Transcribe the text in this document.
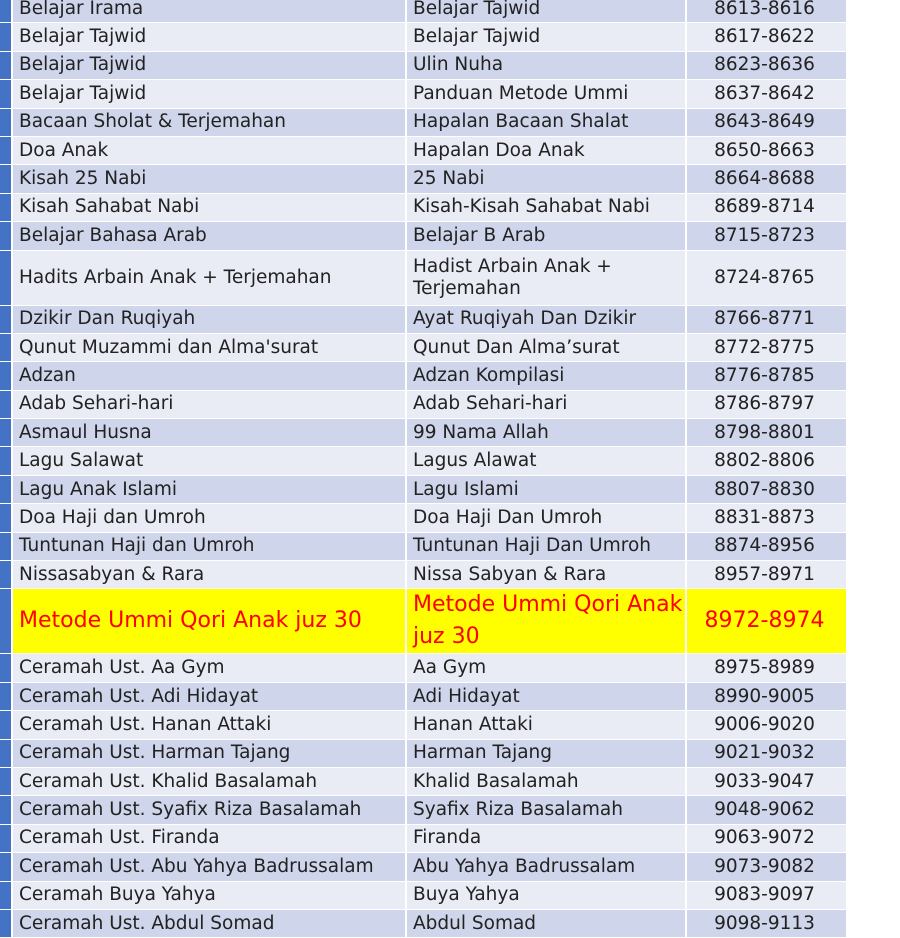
	Belajar Irama	Belajar Tajwid	8613-8616
	Belajar Tajwid	Belajar Tajwid	8617-8622
	Belajar Tajwid	Ulin Nuha	8623-8636
	Belajar Tajwid	Panduan Metode Ummi	8637-8642
	Bacaan Sholat & Terjemahan	Hapalan Bacaan Shalat	8643-8649
	Doa Anak	Hapalan Doa Anak	8650-8663
	Kisah 25 Nabi	25 Nabi	8664-8688
	Kisah Sahabat Nabi	Kisah-Kisah Sahabat Nabi	8689-8714
	Belajar Bahasa Arab	Belajar B Arab	8715-8723
	Hadits Arbain Anak + Terjemahan	Hadist Arbain Anak + Terjemahan	8724-8765
	Dzikir Dan Ruqiyah	Ayat Ruqiyah Dan Dzikir	8766-8771
	Qunut Muzammi dan Alma'surat	Qunut Dan Alma’surat	8772-8775
	Adzan	Adzan Kompilasi	8776-8785
	Adab Sehari-hari	Adab Sehari-hari	8786-8797
	Asmaul Husna	99 Nama Allah	8798-8801
	Lagu Salawat	Lagus Alawat	8802-8806
	Lagu Anak Islami	Lagu Islami	8807-8830
	Doa Haji dan Umroh	Doa Haji Dan Umroh	8831-8873
	Tuntunan Haji dan Umroh	Tuntunan Haji Dan Umroh	8874-8956
	Nissasabyan & Rara	Nissa Sabyan & Rara	8957-8971
	Metode Ummi Qori Anak juz 30	Metode Ummi Qori Anak juz 30	8972-8974
	Ceramah Ust. Aa Gym	Aa Gym	8975-8989
	Ceramah Ust. Adi Hidayat	Adi Hidayat	8990-9005
	Ceramah Ust. Hanan Attaki	Hanan Attaki	9006-9020
	Ceramah Ust. Harman Tajang	Harman Tajang	9021-9032
	Ceramah Ust. Khalid Basalamah	Khalid Basalamah	9033-9047
	Ceramah Ust. Syafix Riza Basalamah	Syafix Riza Basalamah	9048-9062
	Ceramah Ust. Firanda	Firanda	9063-9072
	Ceramah Ust. Abu Yahya Badrussalam	Abu Yahya Badrussalam	9073-9082
	Ceramah Buya Yahya	Buya Yahya	9083-9097
	Ceramah Ust. Abdul Somad	Abdul Somad	9098-9113
